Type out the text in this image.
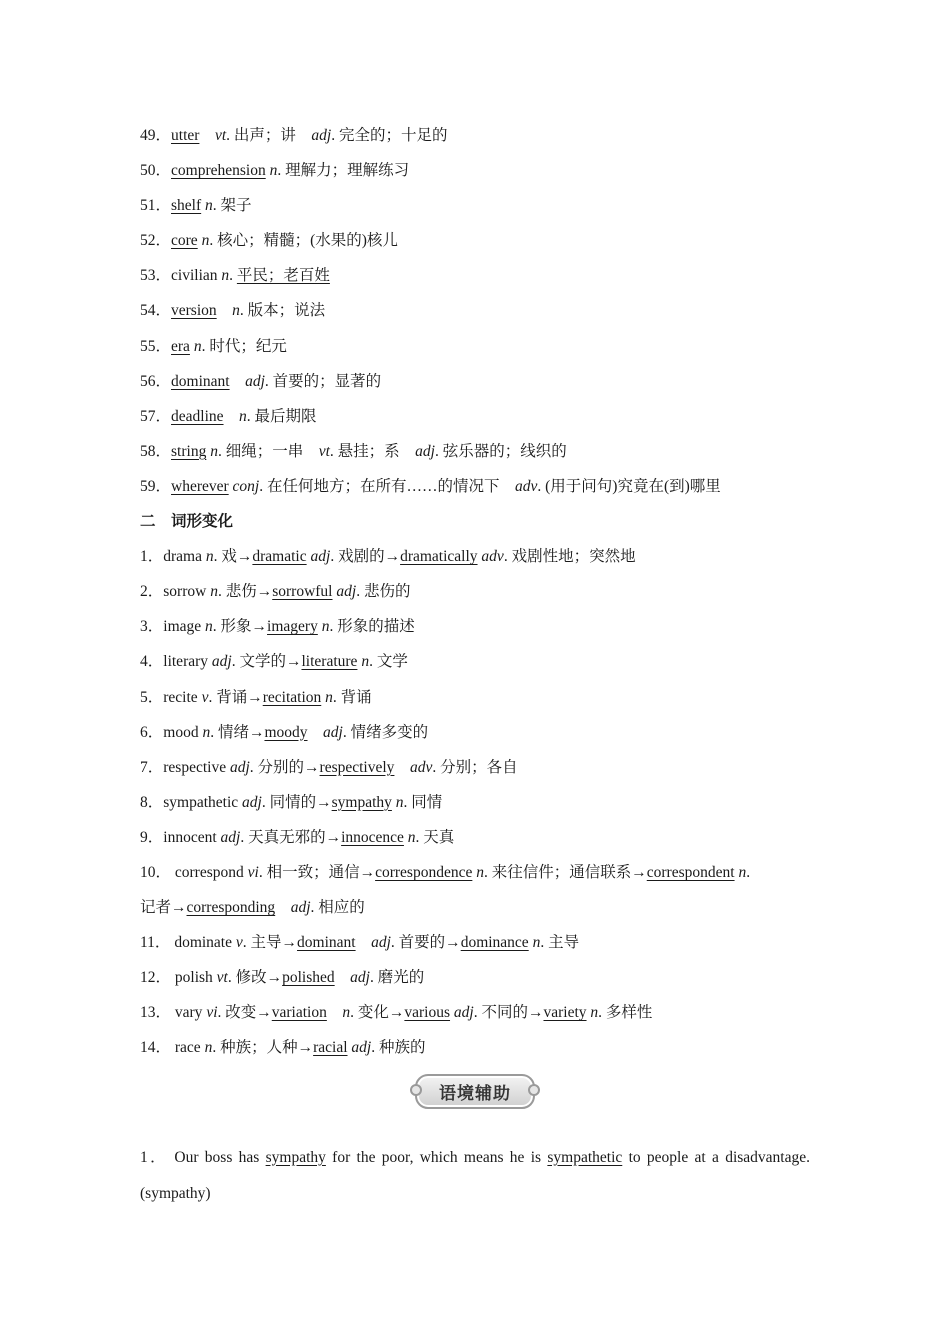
49．utter　 vt. 出声；讲　adj. 完全的；十足的
50．comprehension n. 理解力；理解练习
51．shelf n. 架子
52．core n. 核心；精髓；(水果的)核儿
53．civilian n. 平民；老百姓
54．version　 n. 版本；说法
55．era n. 时代；纪元
56．dominant　 adj. 首要的；显著的
57．deadline　 n. 最后期限
58．string n. 细绳；一串　vt. 悬挂；系　adj. 弦乐器的；线织的
59．wherever conj. 在任何地方；在所有……的情况下　adv. (用于问句)究竟在(到)哪里
二　词形变化
1．drama n. 戏→dramatic adj. 戏剧的→dramatically adv. 戏剧性地；突然地
2．sorrow n. 悲伤→sorrowful adj. 悲伤的
3．image n. 形象→imagery n. 形象的描述
4．literary adj. 文学的→literature n. 文学
5．recite v. 背诵→recitation n. 背诵
6．mood n. 情绪→moody　 adj. 情绪多变的
7．respective adj. 分别的→respectively　 adv. 分别；各自
8．sympathetic adj. 同情的→sympathy n. 同情
9．innocent adj. 天真无邪的→innocence n. 天真
10． correspond vi. 相一致；通信→correspondence n. 来往信件；通信联系→correspondent n.
记者→corresponding　 adj. 相应的
11． dominate v. 主导→dominant　 adj. 首要的→dominance n. 主导
12． polish vt. 修改→polished　 adj. 磨光的
13． vary vi. 改变→variation　 n. 变化→various adj. 不同的→variety n. 多样性
14． race n. 种族；人种→racial adj. 种族的
语境辅助
1． Our boss has sympathy for the poor, which means he is sympathetic to people at a disadvantage. (sympathy)
